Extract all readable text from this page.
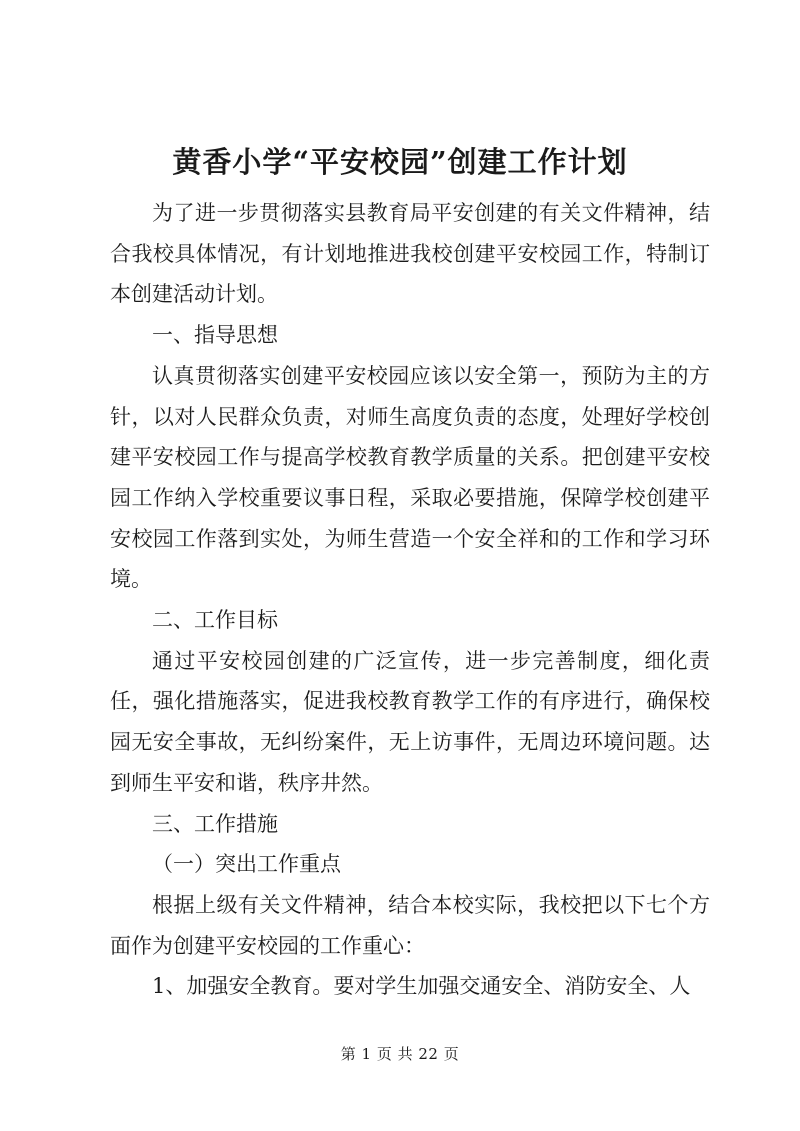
黄香小学“平安校园”创建工作计划

为了进一步贯彻落实县教育局平安创建的有关文件精神，结合我校具体情况，有计划地推进我校创建平安校园工作，特制订本创建活动计划。

一、指导思想

认真贯彻落实创建平安校园应该以安全第一，预防为主的方针，以对人民群众负责，对师生高度负责的态度，处理好学校创建平安校园工作与提高学校教育教学质量的关系。把创建平安校园工作纳入学校重要议事日程，采取必要措施，保障学校创建平安校园工作落到实处，为师生营造一个安全祥和的工作和学习环境。

二、工作目标

通过平安校园创建的广泛宣传，进一步完善制度，细化责任，强化措施落实，促进我校教育教学工作的有序进行，确保校园无安全事故，无纠纷案件，无上访事件，无周边环境问题。达到师生平安和谐，秩序井然。

三、工作措施

（一）突出工作重点

根据上级有关文件精神，结合本校实际，我校把以下七个方面作为创建平安校园的工作重心：

1、加强安全教育。要对学生加强交通安全、消防安全、人

第 1 页 共 22 页
